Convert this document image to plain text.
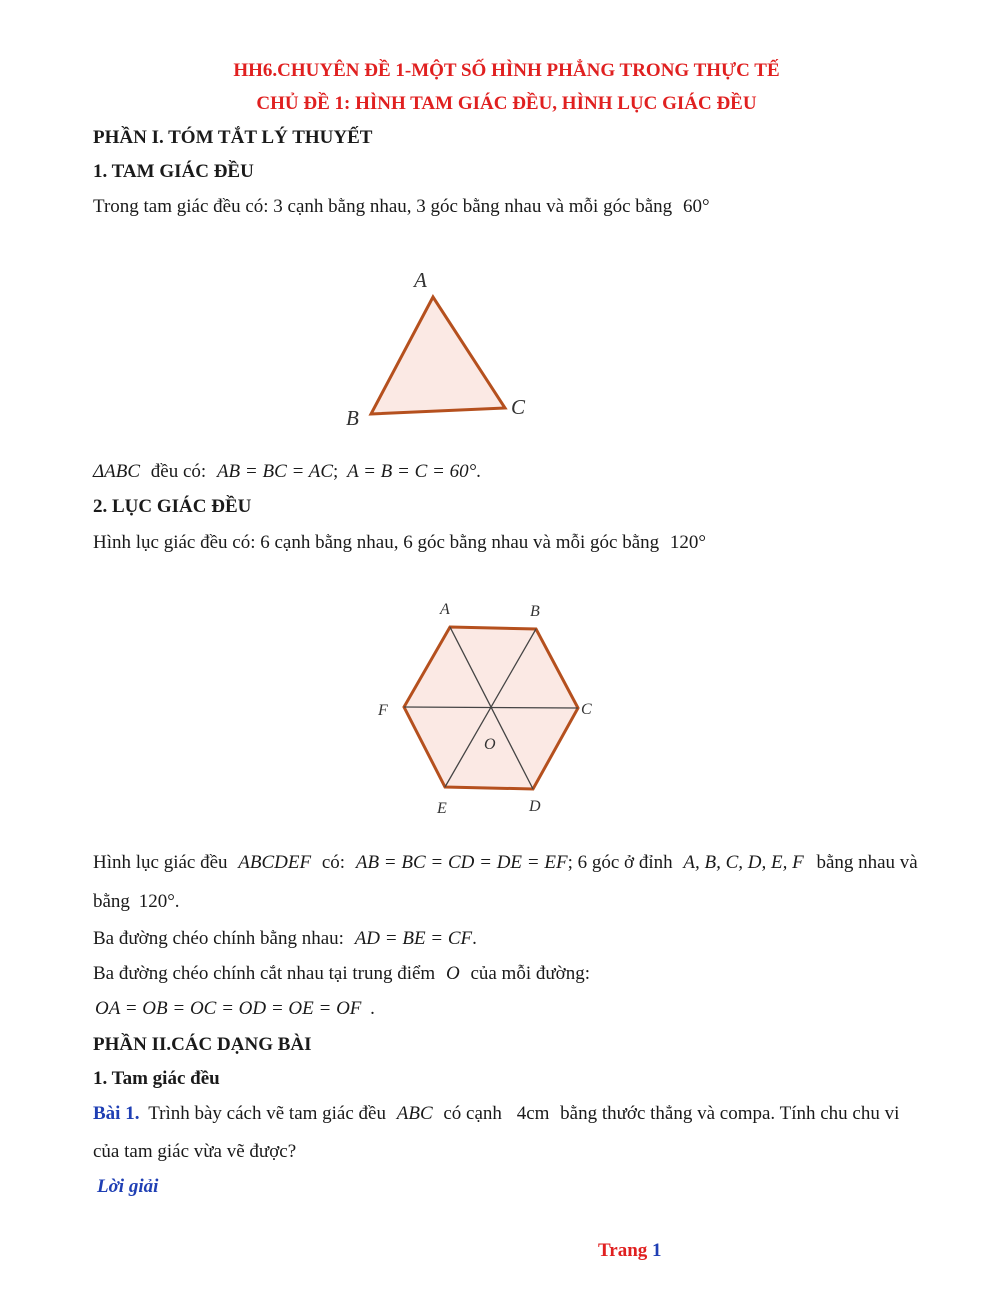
HH6.CHUYÊN ĐỀ 1-MỘT SỐ HÌNH PHẲNG TRONG THỰC TẾ
CHỦ ĐỀ 1: HÌNH TAM GIÁC ĐỀU, HÌNH LỤC GIÁC ĐỀU
PHẦN I. TÓM TẮT LÝ THUYẾT
1. TAM GIÁC ĐỀU
Trong tam giác đều có: 3 cạnh bằng nhau, 3 góc bằng nhau và mỗi góc bằng 60°
A
B	C
ΔABC đều có: AB = BC = AC; A = B = C = 60°.
2. LỤC GIÁC ĐỀU
Hình lục giác đều có: 6 cạnh bằng nhau, 6 góc bằng nhau và mỗi góc bằng 120°
A	B
C
D
E
F
O
Hình lục giác đều ABCDEF có: AB = BC = CD = DE = EF; 6 góc ở đỉnh A, B, C, D, E, F bằng nhau và
bằng 120°.
Ba đường chéo chính bằng nhau: AD = BE = CF.
Ba đường chéo chính cắt nhau tại trung điểm O của mỗi đường:
OA = OB = OC = OD = OE = OF .
PHẦN II.CÁC DẠNG BÀI
1. Tam giác đều
Bài 1. Trình bày cách vẽ tam giác đều ABC có cạnh 4cm bằng thước thẳng và compa. Tính chu chu vi
của tam giác vừa vẽ được?
Lời giải
Trang 1
